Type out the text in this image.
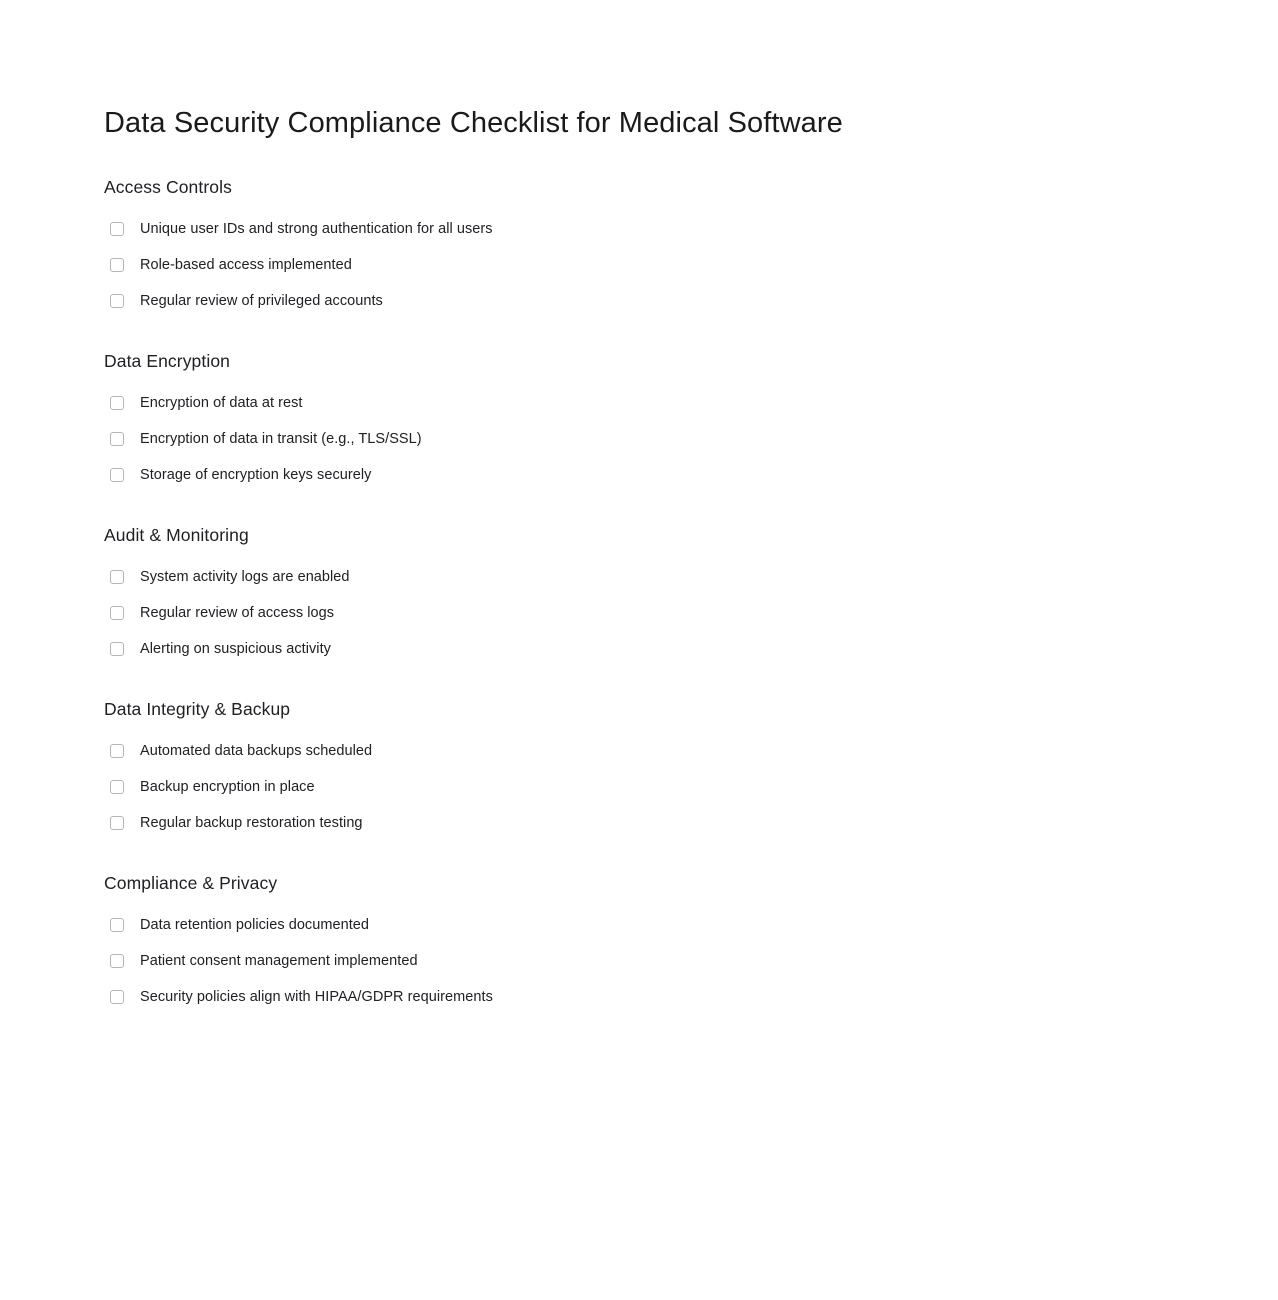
Data Security Compliance Checklist for Medical Software
Access Controls
Unique user IDs and strong authentication for all users
Role-based access implemented
Regular review of privileged accounts
Data Encryption
Encryption of data at rest
Encryption of data in transit (e.g., TLS/SSL)
Storage of encryption keys securely
Audit & Monitoring
System activity logs are enabled
Regular review of access logs
Alerting on suspicious activity
Data Integrity & Backup
Automated data backups scheduled
Backup encryption in place
Regular backup restoration testing
Compliance & Privacy
Data retention policies documented
Patient consent management implemented
Security policies align with HIPAA/GDPR requirements
